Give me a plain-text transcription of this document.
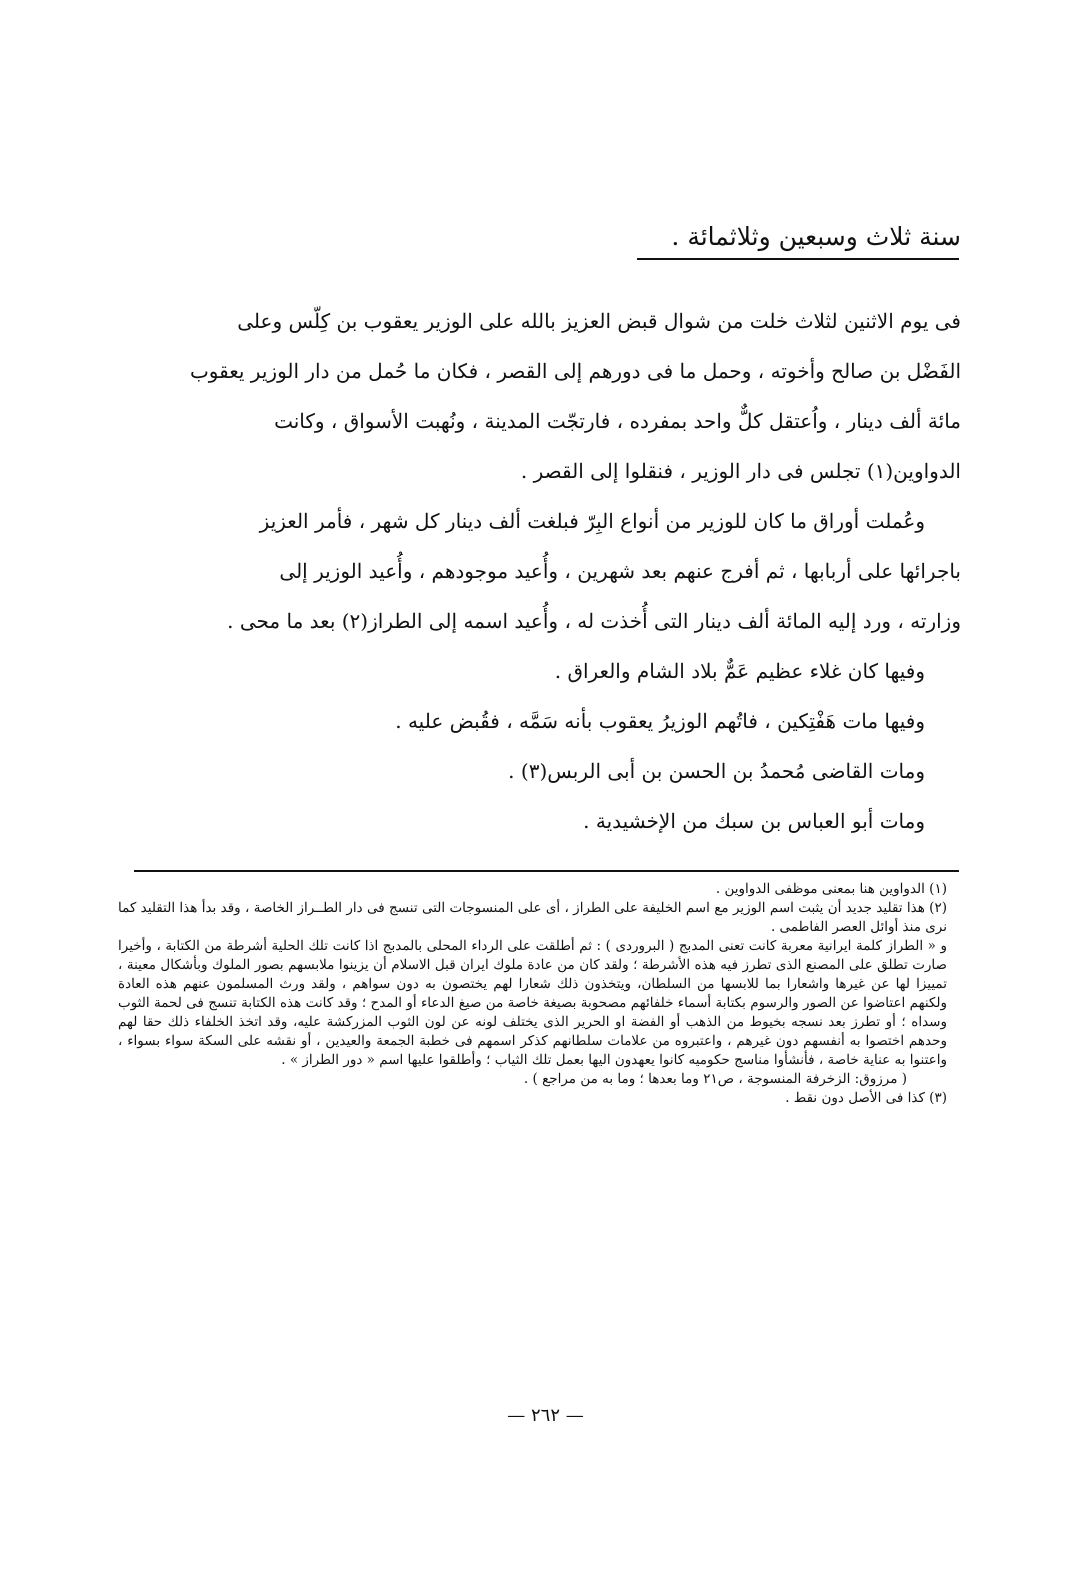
سنة ثلاث وسبعين وثلاثمائة .
فى يوم الاثنين لثلاث خلت من شوال قبض العزيز بالله على الوزير يعقوب بن كِلّس وعلى
الفَضْل بن صالح وأخوته ، وحمل ما فى دورهم إلى القصر ، فكان ما حُمل من دار الوزير يعقوب
مائة ألف دينار ، واُعتقل كلٌّ واحد بمفرده ، فارتجّت المدينة ، ونُهبت الأسواق ، وكانت
الدواوين(١) تجلس فى دار الوزير ، فنقلوا إلى القصر .
وعُملت أوراق ما كان للوزير من أنواع البِرّ فبلغت ألف دينار كل شهر ، فأمر العزيز
باجرائها على أربابها ، ثم أفرج عنهم بعد شهرين ، وأُعيد موجودهم ، وأُعيد الوزير إلى
وزارته ، ورد إليه المائة ألف دينار التى أُخذت له ، وأُعيد اسمه إلى الطراز(٢) بعد ما محى .
وفيها كان غلاء عظيم عَمٌّ بلاد الشام والعراق .
وفيها مات هَفْتِكين ، فاتُهم الوزيرُ يعقوب بأنه سَمَّه ، فقُبض عليه .
ومات القاضى مُحمدُ بن الحسن بن أبى الربس(٣) .
ومات أبو العباس بن سبك من الإخشيدية .
(١) الدواوين هنا بمعنى موظفى الدواوين .
(٢) هذا تقليد جديد أن يثبت اسم الوزير مع اسم الخليفة على الطراز ، أى على المنسوجات التى تنسج فى دار الطــراز الخاصة ، وقد بدأ هذا التقليد كما نرى منذ أوائل العصر الفاطمى .
و « الطراز كلمة ايرانية معربة كانت تعنى المدبج ( البروردى ) : ثم أطلقت على الرداء المحلى بالمدبج اذا كانت تلك الحلية أشرطة من الكتابة ، وأخيرا صارت تطلق على المصنع الذى تطرز فيه هذه الأشرطة ؛ ولقد كان من عادة ملوك ايران قبل الاسلام أن يزينوا ملابسهم بصور الملوك وبأشكال معينة ، تمييزا لها عن غيرها واشعارا بما للابسها من السلطان، ويتخذون ذلك شعارا لهم يختصون به دون سواهم ، ولقد ورث المسلمون عنهم هذه العادة ولكنهم اعتاضوا عن الصور والرسوم بكتابة أسماء خلفائهم مصحوبة بصيغة خاصة من صيغ الدعاء أو المدح ؛ وقد كانت هذه الكتابة تنسج فى لحمة الثوب وسداه ؛ أو تطرز بعد نسجه بخيوط من الذهب أو الفضة او الحرير الذى يختلف لونه عن لون الثوب المزركشة عليه، وقد اتخذ الخلفاء ذلك حقا لهم وحدهم اختصوا به أنفسهم دون غيرهم ، واعتبروه من علامات سلطانهم كذكر اسمهم فى خطبة الجمعة والعيدين ، أو نقشه على السكة سواء بسواء ، واعتنوا به عناية خاصة ، فأنشأوا مناسج حكوميه كانوا يعهدون اليها بعمل تلك الثياب ؛ وأطلقوا عليها اسم « دور الطراز » .
( مرزوق: الزخرفة المنسوجة ، ص٢١ وما بعدها ؛ وما به من مراجع ) .
(٣) كذا فى الأصل دون نقط .
— ٢٦٢ —
